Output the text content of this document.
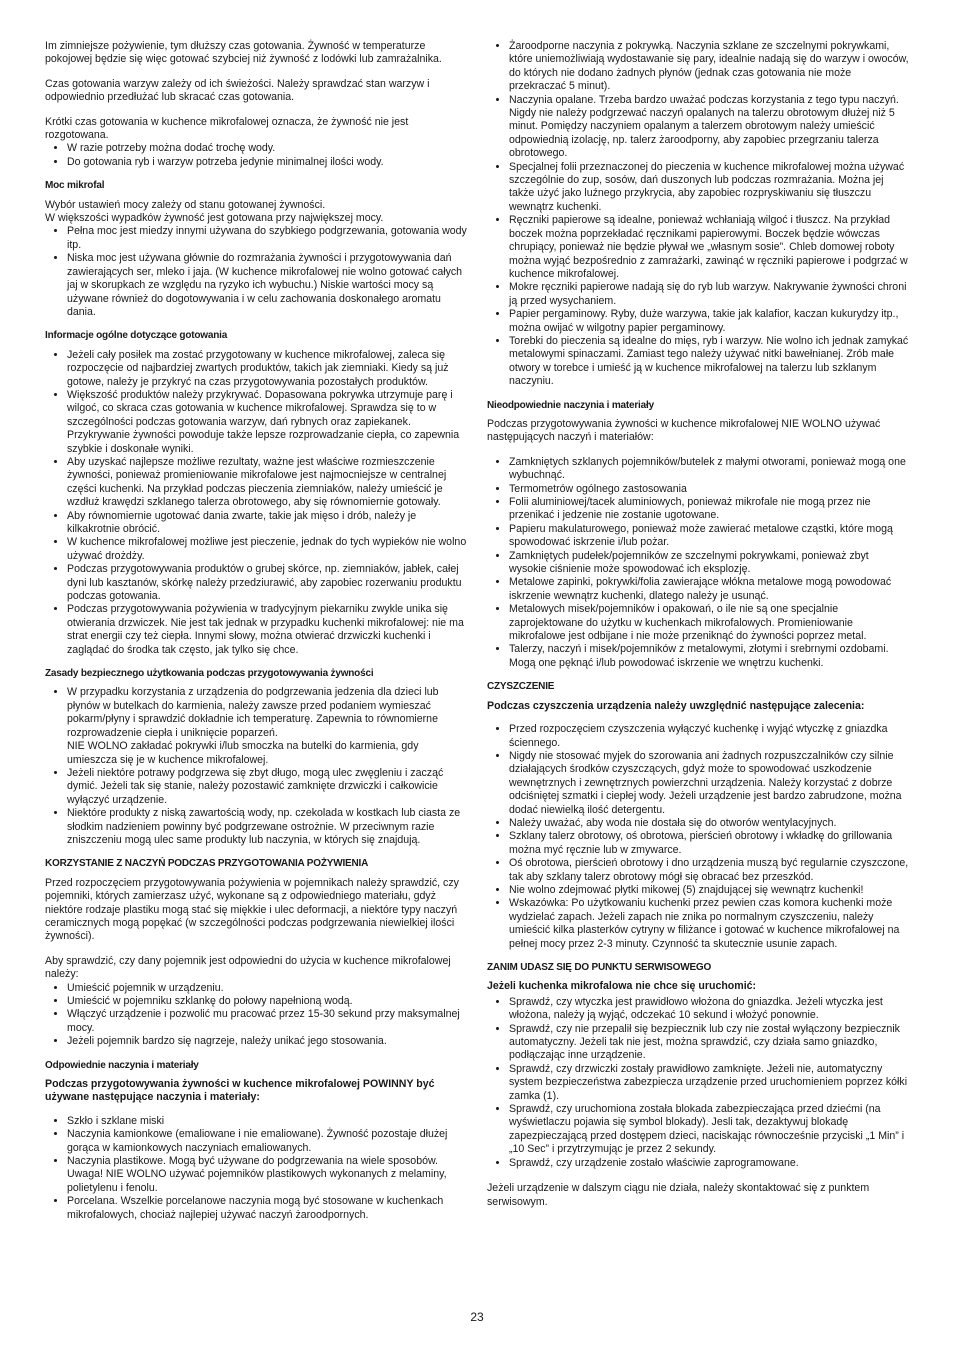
Im zimniejsze pożywienie, tym dłuższy czas gotowania. Żywność w temperaturze pokojowej będzie się więc gotować szybciej niż żywność z lodówki lub zamrażalnika.

Czas gotowania warzyw zależy od ich świeżości. Należy sprawdzać stan warzyw i odpowiednio przedłużać lub skracać czas gotowania.

Krótki czas gotowania w kuchence mikrofalowej oznacza, że żywność nie jest rozgotowana.

• W razie potrzeby można dodać trochę wody.
• Do gotowania ryb i warzyw potrzeba jedynie minimalnej ilości wody.
Moc mikrofal

Wybór ustawień mocy zależy od stanu gotowanej żywności.

W większości wypadków żywność jest gotowana przy największej mocy.

• Pełna moc jest miedzy innymi używana do szybkiego podgrzewania, gotowania wody itp.
• Niska moc jest używana głównie do rozmrażania żywności i przygotowywania dań zawierających ser, mleko i jaja. (W kuchence mikrofalowej nie wolno gotować całych jaj w skorupkach ze względu na ryzyko ich wybuchu.) Niskie wartości mocy są używane również do dogotowywania i w celu zachowania doskonałego aromatu dania.
Informacje ogólne dotyczące gotowania
• Jeżeli cały posiłek ma zostać przygotowany w kuchence mikrofalowej, zaleca się rozpoczęcie od najbardziej zwartych produktów, takich jak ziemniaki. Kiedy są już gotowe, należy je przykryć na czas przygotowywania pozostałych produktów.
• Większość produktów należy przykrywać. Dopasowana pokrywka utrzymuje parę i wilgoć, co skraca czas gotowania w kuchence mikrofalowej. Sprawdza się to w szczególności podczas gotowania warzyw, dań rybnych oraz zapiekanek. Przykrywanie żywności powoduje także lepsze rozprowadzanie ciepła, co zapewnia szybkie i doskonałe wyniki.
• Aby uzyskać najlepsze możliwe rezultaty, ważne jest właściwe rozmieszczenie żywności, ponieważ promieniowanie mikrofalowe jest najmocniejsze w centralnej części kuchenki. Na przykład podczas pieczenia ziemniaków, należy umieścić je wzdłuż krawędzi szklanego talerza obrotowego, aby się równomiernie gotowały.
• Aby równomiernie ugotować dania zwarte, takie jak mięso i drób, należy je kilkakrotnie obrócić.
• W kuchence mikrofalowej możliwe jest pieczenie, jednak do tych wypieków nie wolno używać drożdży.
• Podczas przygotowywania produktów o grubej skórce, np. ziemniaków, jabłek, całej dyni lub kasztanów, skórkę należy przedziurawić, aby zapobiec rozerwaniu produktu podczas gotowania.
• Podczas przygotowywania pożywienia w tradycyjnym piekarniku zwykle unika się otwierania drzwiczek. Nie jest tak jednak w przypadku kuchenki mikrofalowej: nie ma strat energii czy też ciepła. Innymi słowy, można otwierać drzwiczki kuchenki i zaglądać do środka tak często, jak tylko się chce.
Zasady bezpiecznego użytkowania podczas przygotowywania żywności
• W przypadku korzystania z urządzenia do podgrzewania jedzenia dla dzieci lub płynów w butelkach do karmienia, należy zawsze przed podaniem wymieszać pokarm/płyny i sprawdzić dokładnie ich temperaturę. Zapewnia to równomierne rozprowadzenie ciepła i uniknięcie poparzeń.
NIE WOLNO zakładać pokrywki i/lub smoczka na butelki do karmienia, gdy umieszcza się je w kuchence mikrofalowej.
• Jeżeli niektóre potrawy podgrzewa się zbyt długo, mogą ulec zwęgleniu i zacząć dymić. Jeżeli tak się stanie, należy pozostawić zamknięte drzwiczki i całkowicie wyłączyć urządzenie.
• Niektóre produkty z niską zawartością wody, np. czekolada w kostkach lub ciasta ze słodkim nadzieniem powinny być podgrzewane ostrożnie. W przeciwnym razie zniszczeniu mogą ulec same produkty lub naczynia, w których się znajdują.
KORZYSTANIE Z NACZYŃ PODCZAS PRZYGOTOWANIA POŻYWIENIA

Przed rozpoczęciem przygotowywania pożywienia w pojemnikach należy sprawdzić, czy pojemniki, których zamierzasz użyć, wykonane są z odpowiedniego materiału, gdyż niektóre rodzaje plastiku mogą stać się miękkie i ulec deformacji, a niektóre typy naczyń ceramicznych mogą popękać (w szczególności podczas podgrzewania niewielkiej ilości żywności).

Aby sprawdzić, czy dany pojemnik jest odpowiedni do użycia w kuchence mikrofalowej należy:

• Umieścić pojemnik w urządzeniu.
• Umieścić w pojemniku szklankę do połowy napełnioną wodą.
• Włączyć urządzenie i pozwolić mu pracować przez 15-30 sekund przy maksymalnej mocy.
• Jeżeli pojemnik bardzo się nagrzeje, należy unikać jego stosowania.
Odpowiednie naczynia i materiały

Podczas przygotowywania żywności w kuchence mikrofalowej POWINNY być używane następujące naczynia i materiały:

• Szkło i szklane miski
• Naczynia kamionkowe (emaliowane i nie emaliowane). Żywność pozostaje dłużej gorąca w kamionkowych naczyniach emaliowanych.
• Naczynia plastikowe. Mogą być używane do podgrzewania na wiele sposobów. Uwaga! NIE WOLNO używać pojemników plastikowych wykonanych z melaminy, polietylenu i fenolu.
• Porcelana. Wszelkie porcelanowe naczynia mogą być stosowane w kuchenkach mikrofalowych, chociaż najlepiej używać naczyń żaroodpornych.
• Żaroodporne naczynia z pokrywką. Naczynia szklane ze szczelnymi pokrywkami, które uniemożliwiają wydostawanie się pary, idealnie nadają się do warzyw i owoców, do których nie dodano żadnych płynów (jednak czas gotowania nie może przekraczać 5 minut).
• Naczynia opalane. Trzeba bardzo uważać podczas korzystania z tego typu naczyń. Nigdy nie należy podgrzewać naczyń opalanych na talerzu obrotowym dłużej niż 5 minut. Pomiędzy naczyniem opalanym a talerzem obrotowym należy umieścić odpowiednią izolację, np. talerz żaroodporny, aby zapobiec przegrzaniu talerza obrotowego.
• Specjalnej folii przeznaczonej do pieczenia w kuchence mikrofalowej można używać szczególnie do zup, sosów, dań duszonych lub podczas rozmrażania. Można jej także użyć jako luźnego przykrycia, aby zapobiec rozpryskiwaniu się tłuszczu wewnątrz kuchenki.
• Ręczniki papierowe są idealne, ponieważ wchłaniają wilgoć i tłuszcz. Na przykład boczek można poprzekładać ręcznikami papierowymi. Boczek będzie wówczas chrupiący, ponieważ nie będzie pływał we „własnym sosie”. Chleb domowej roboty można wyjąć bezpośrednio z zamrażarki, zawinąć w ręczniki papierowe i podgrzać w kuchence mikrofalowej.
• Mokre ręczniki papierowe nadają się do ryb lub warzyw. Nakrywanie żywności chroni ją przed wysychaniem.
• Papier pergaminowy. Ryby, duże warzywa, takie jak kalafior, kaczan kukurydzy itp., można owijać w wilgotny papier pergaminowy.
• Torebki do pieczenia są idealne do mięs, ryb i warzyw. Nie wolno ich jednak zamykać metalowymi spinaczami. Zamiast tego należy używać nitki bawełnianej. Zrób małe otwory w torebce i umieść ją w kuchence mikrofalowej na talerzu lub szklanym naczyniu.
Nieodpowiednie naczynia i materiały

Podczas przygotowywania żywności w kuchence mikrofalowej NIE WOLNO używać następujących naczyń i materiałów:

• Zamkniętych szklanych pojemników/butelek z małymi otworami, ponieważ mogą one wybuchnąć.
• Termometrów ogólnego zastosowania
• Folii aluminiowej/tacek aluminiowych, ponieważ mikrofale nie mogą przez nie przenikać i jedzenie nie zostanie ugotowane.
• Papieru makulaturowego, ponieważ może zawierać metalowe cząstki, które mogą spowodować iskrzenie i/lub pożar.
• Zamkniętych pudełek/pojemników ze szczelnymi pokrywkami, ponieważ zbyt wysokie ciśnienie może spowodować ich eksplozję.
• Metalowe zapinki, pokrywki/folia zawierające włókna metalowe mogą powodować iskrzenie wewnątrz kuchenki, dlatego należy je usunąć.
• Metalowych misek/pojemników i opakowań, o ile nie są one specjalnie zaprojektowane do użytku w kuchenkach mikrofalowych. Promieniowanie mikrofalowe jest odbijane i nie może przeniknąć do żywności poprzez metal.
• Talerzy, naczyń i misek/pojemników z metalowymi, złotymi i srebrnymi ozdobami. Mogą one pęknąć i/lub powodować iskrzenie we wnętrzu kuchenki.
CZYSZCZENIE

Podczas czyszczenia urządzenia należy uwzględnić następujące zalecenia:

• Przed rozpoczęciem czyszczenia wyłączyć kuchenkę i wyjąć wtyczkę z gniazdka ściennego.
• Nigdy nie stosować myjek do szorowania ani żadnych rozpuszczalników czy silnie działających środków czyszczących, gdyż może to spowodować uszkodzenie wewnętrznych i zewnętrznych powierzchni urządzenia. Należy korzystać z dobrze odciśniętej szmatki i ciepłej wody. Jeżeli urządzenie jest bardzo zabrudzone, można dodać niewielką ilość detergentu.
• Należy uważać, aby woda nie dostała się do otworów wentylacyjnych.
• Szklany talerz obrotowy, oś obrotowa, pierścień obrotowy i wkładkę do grillowania można myć ręcznie lub w zmywarce.
• Oś obrotowa, pierścień obrotowy i dno urządzenia muszą być regularnie czyszczone, tak aby szklany talerz obrotowy mógł się obracać bez przeszkód.
• Nie wolno zdejmować płytki mikowej (5) znajdującej się wewnątrz kuchenki!
• Wskazówka: Po użytkowaniu kuchenki przez pewien czas komora kuchenki może wydzielać zapach. Jeżeli zapach nie znika po normalnym czyszczeniu, należy umieścić kilka plasterków cytryny w filiżance i gotować w kuchence mikrofalowej na pełnej mocy przez 2-3 minuty. Czynność ta skutecznie usunie zapach.
ZANIM UDASZ SIĘ DO PUNKTU SERWISOWEGO

Jeżeli kuchenka mikrofalowa nie chce się uruchomić:

• Sprawdź, czy wtyczka jest prawidłowo włożona do gniazdka. Jeżeli wtyczka jest włożona, należy ją wyjąć, odczekać 10 sekund i włożyć ponownie.
• Sprawdź, czy nie przepalił się bezpiecznik lub czy nie został wyłączony bezpiecznik automatyczny. Jeżeli tak nie jest, można sprawdzić, czy działa samo gniazdko, podłączając inne urządzenie.
• Sprawdź, czy drzwiczki zostały prawidłowo zamknięte. Jeżeli nie, automatyczny system bezpieczeństwa zabezpiecza urządzenie przed uruchomieniem poprzez kółki zamka (1).
• Sprawdź, czy uruchomiona została blokada zabezpieczająca przed dziećmi (na wyświetlaczu pojawia się symbol blokady). Jesli tak, dezaktywuj blokadę zapezpieczającą przed dostępem dzieci, naciskając równocześnie przyciski „1 Min” i „10 Sec” i przytrzymując je przez 2 sekundy.
• Sprawdź, czy urządzenie zostało właściwie zaprogramowane.

Jeżeli urządzenie w dalszym ciągu nie działa, należy skontaktować się z punktem serwisowym.

23
